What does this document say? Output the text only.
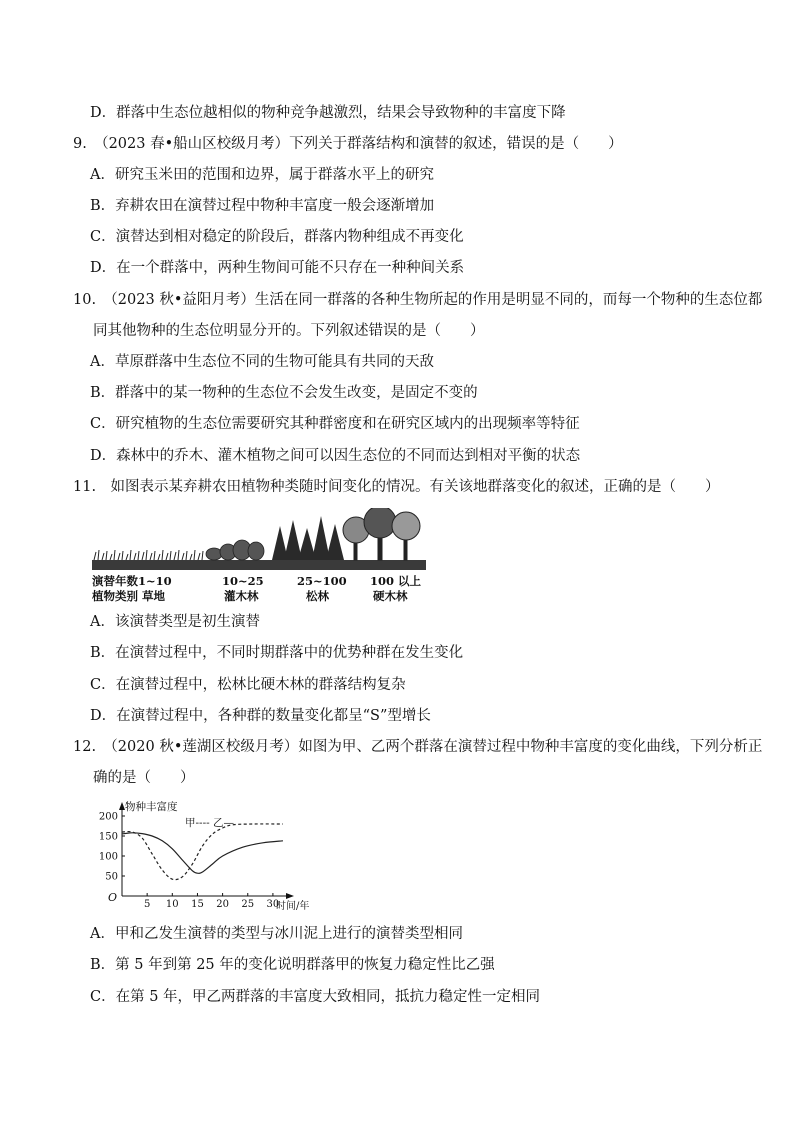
D．群落中生态位越相似的物种竞争越激烈，结果会导致物种的丰富度下降
9.　（2023 春•船山区校级月考）下列关于群落结构和演替的叙述，错误的是（　　）
A．研究玉米田的范围和边界，属于群落水平上的研究
B．弃耕农田在演替过程中物种丰富度一般会逐渐增加
C．演替达到相对稳定的阶段后，群落内物种组成不再变化
D．在一个群落中，两种生物间可能不只存在一种种间关系
10.　（2023 秋•益阳月考）生活在同一群落的各种生物所起的作用是明显不同的，而每一个物种的生态位都
同其他物种的生态位明显分开的。下列叙述错误的是（　　）
A．草原群落中生态位不同的生物可能具有共同的天敌
B．群落中的某一物种的生态位不会发生改变，是固定不变的
C．研究植物的生态位需要研究其种群密度和在研究区域内的出现频率等特征
D．森林中的乔木、灌木植物之间可以因生态位的不同而达到相对平衡的状态
11.　如图表示某弃耕农田植物种类随时间变化的情况。有关该地群落变化的叙述，正确的是（　　）
演替年数1~10
植物类别 草地
10~25
灌木林
25~100
松林
100 以上
硬木林
A．该演替类型是初生演替
B．在演替过程中，不同时期群落中的优势种群在发生变化
C．在演替过程中，松林比硬木林的群落结构复杂
D．在演替过程中，各种群的数量变化都呈“S”型增长
12.　（2020 秋•莲湖区校级月考）如图为甲、乙两个群落在演替过程中物种丰富度的变化曲线，下列分析正
确的是（　　）
物种丰富度
时间/年
O
甲---- 乙—
5 10 15 20 25 30
50
100
150
200
A．甲和乙发生演替的类型与冰川泥上进行的演替类型相同
B．第 5 年到第 25 年的变化说明群落甲的恢复力稳定性比乙强
C．在第 5 年，甲乙两群落的丰富度大致相同，抵抗力稳定性一定相同
